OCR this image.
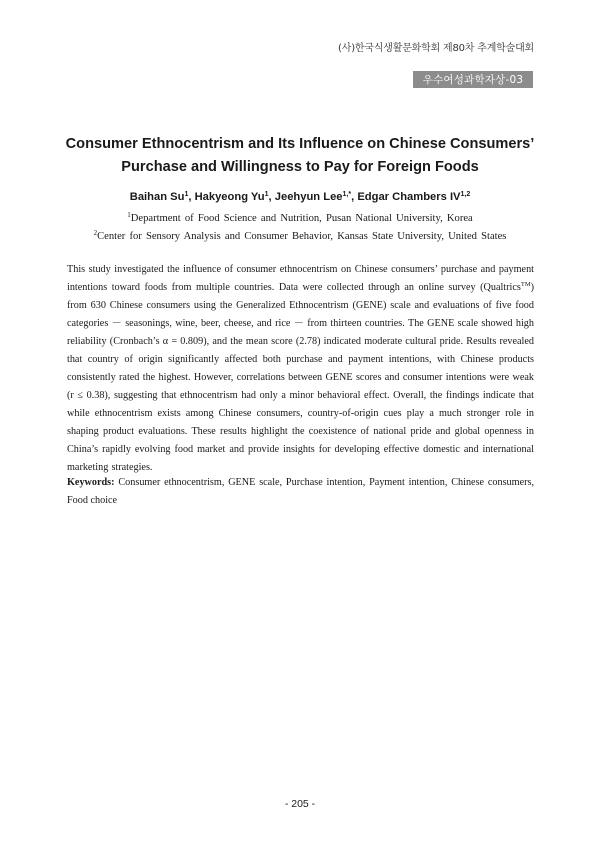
(사)한국식생활문화학회 제80차 추계학술대회
우수여성과학자상-03
Consumer Ethnocentrism and Its Influence on Chinese Consumers’
Purchase and Willingness to Pay for Foreign Foods
Baihan Su$^1$, Hakyeong Yu$^1$, Jeehyun Lee$^{1,*}$, Edgar Chambers IV$^{1,2}$
$^1$Department of Food Science and Nutrition, Pusan National University, Korea
$^2$Center for Sensory Analysis and Consumer Behavior, Kansas State University, United States
This study investigated the influence of consumer ethnocentrism on Chinese consumers’ purchase and payment
intentions toward foods from multiple countries. Data were collected through an online survey (Qualtrics™)
from 630 Chinese consumers using the Generalized Ethnocentrism (GENE) scale and evaluations of five food
categories － seasonings, wine, beer, cheese, and rice － from thirteen countries. The GENE scale showed high
reliability (Cronbach’s α = 0.809), and the mean score (2.78) indicated moderate cultural pride. Results revealed
that country of origin significantly affected both purchase and payment intentions, with Chinese products
consistently rated the highest. However, correlations between GENE scores and consumer intentions were weak
(r ≤ 0.38), suggesting that ethnocentrism had only a minor behavioral effect. Overall, the findings indicate that
while ethnocentrism exists among Chinese consumers, country-of-origin cues play a much stronger role in
shaping product evaluations. These results highlight the coexistence of national pride and global openness in
China’s rapidly evolving food market and provide insights for developing effective domestic and international
marketing strategies.
Keywords: Consumer ethnocentrism, GENE scale, Purchase intention, Payment intention, Chinese consumers,
Food choice
- 205 -
